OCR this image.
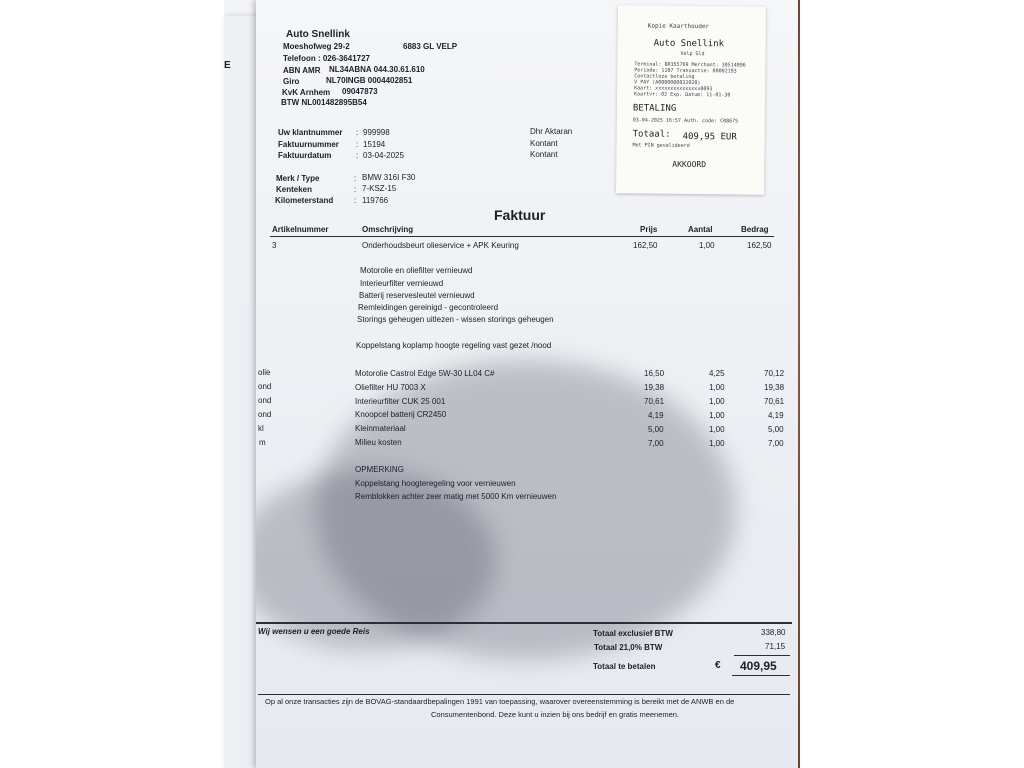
E
Auto Snellink
Moeshofweg 29-2	6883 GL VELP
Telefoon : 026-3641727
ABN AMR NL34ABNA 044.30.61.610
Giro	NL70INGB 0004402851
KvK Arnhem 09047873
BTW NL001482895B54
Uw klantnummer : 999998
Faktuurnummer : 15194
Faktuurdatum	: 03-04-2025
Dhr Aktaran
Kontant
Kontant
Merk / Type	: BMW 316I F30
Kenteken	: 7-KSZ-15
Kilometerstand	: 119766
Faktuur
Artikelnummer	Omschrijving	Prijs	Aantal	Bedrag
3	Onderhoudsbeurt olieservice + APK Keuring	162,50	1,00	162,50
Motorolie en oliefilter vernieuwd
Interieurfilter vernieuwd
Batterij reservesleutel vernieuwd
Remleidingen gereinigd - gecontroleerd
Storings geheugen uitlezen - wissen storings geheugen
Koppelstang koplamp hoogte regeling vast gezet /nood
olie	Motorolie Castrol Edge 5W-30 LL04 C#	16,50	4,25	70,12
ond	Oliefilter HU 7003 X	19,38	1,00	19,38
ond	Interieurfilter CUK 25 001	70,61	1,00	70,61
ond	Knoopcel batterij CR2450	4,19	1,00	4,19
kl	Kleinmateriaal	5,00	1,00	5,00
m	Milieu kosten	7,00	1,00	7,00
OPMERKING
Koppelstang hoogteregeling voor vernieuwen
Remblokken achter zeer matig met 5000 Km vernieuwen
Wij wensen u een goede Reis	Totaal exclusief BTW	338,80
Totaal 21,0% BTW	71,15
Totaal te betalen	€ 409,95
Op al onze transacties zijn de BOVAG-standaardbepalingen 1991 van toepassing, waarover overeenstemming is bereikt met de ANWB en de
Consumentenbond. Deze kunt u inzien bij ons bedrijf en gratis meenemen.
Kopie Kaarthouder
Auto Snellink
Velp Gld
Terminal: 8R355769 Merchant: 30514096
Periode: 1107 Transactie: 00002193
Contactloze betaling
V PAY (A0000000032020)
Kaart: xxxxxxxxxxxxxxx0093
Kaartvr: 02 Exp. Datum: 11-01-30
BETALING
03-04-2025 16:57 Auth. code: C08675
Totaal: 409,95 EUR
Met PIN gevalideerd
AKKOORD
